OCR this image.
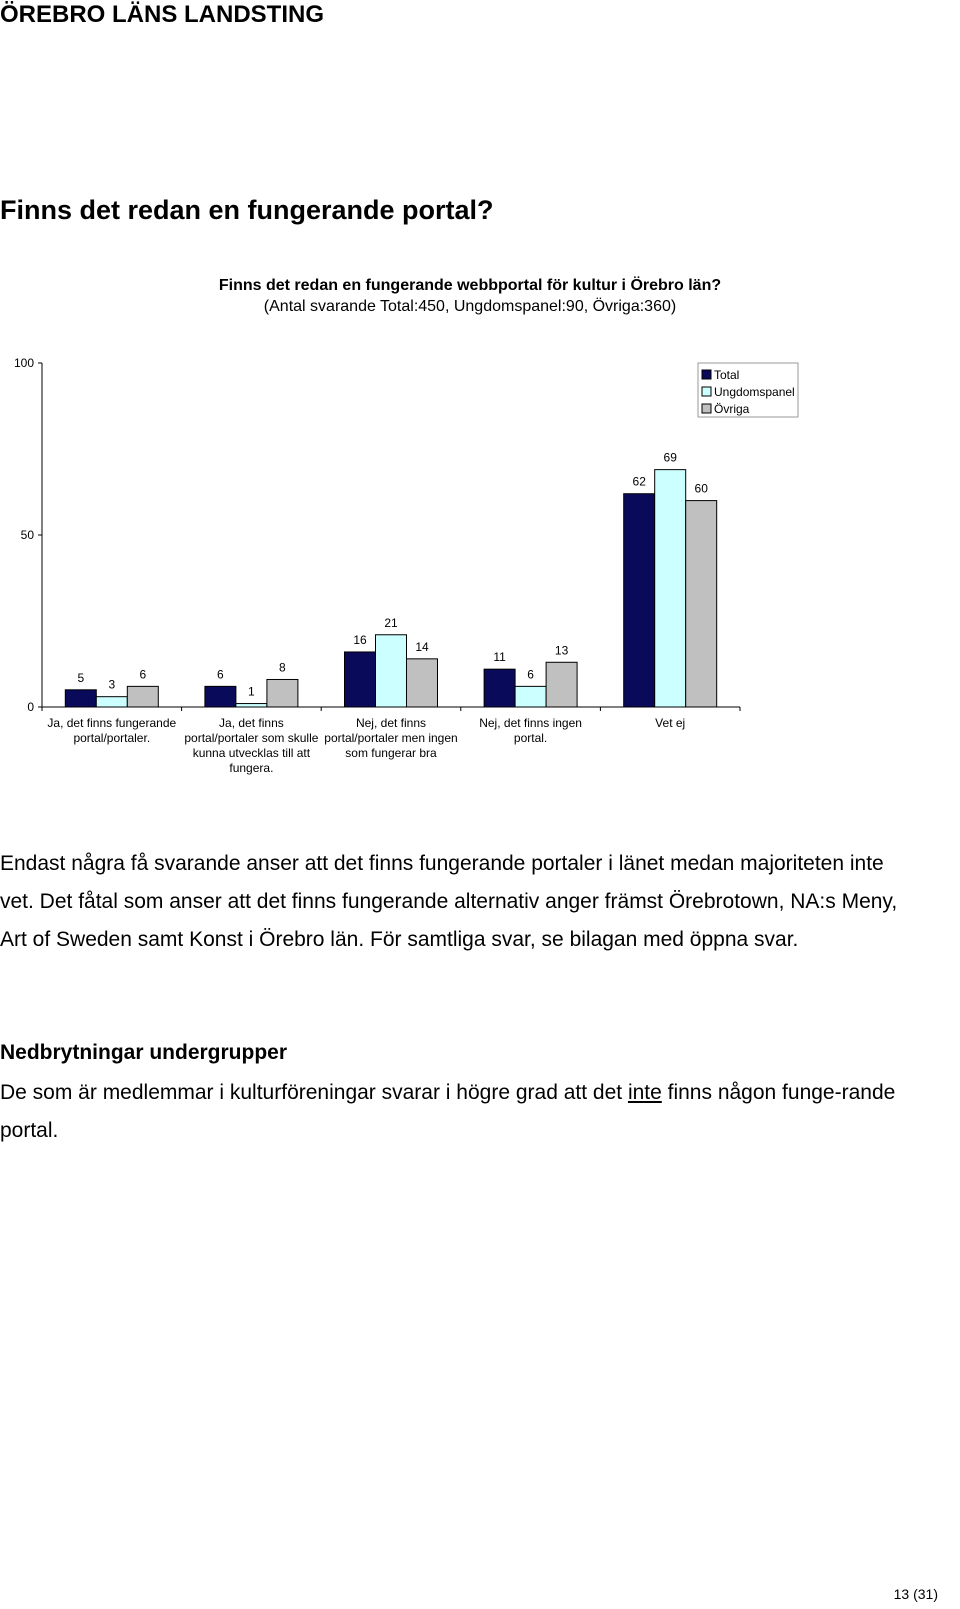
ÖREBRO LÄNS LANDSTING
Finns det redan en fungerande portal?
Finns det redan en fungerande webbportal för kultur i Örebro län?
(Antal svarande Total:450, Ungdomspanel:90, Övriga:360)
0
50
100
5 3
6
Ja, det finns fungerande
portal/portaler.
6
1
8
Ja, det finns
portal/portaler som skulle
kunna utvecklas till att
fungera.
16
21
14
Nej, det finns
portal/portaler men ingen
som fungerar bra
11
6
13
Nej, det finns ingen
portal.
62
69
60
Vet ej
Total
Ungdomspanel
Övriga

Endast några få svarande anser att det finns fungerande portaler i länet medan majoriteten inte vet. Det fåtal som anser att det finns fungerande alternativ anger främst Örebrotown, NA:s Meny, Art of Sweden samt Konst i Örebro län. För samtliga svar, se bilagan med öppna svar.

Nedbrytningar undergrupper

De som är medlemmar i kulturföreningar svarar i högre grad att det inte finns någon funge-rande portal.

13 (31)
